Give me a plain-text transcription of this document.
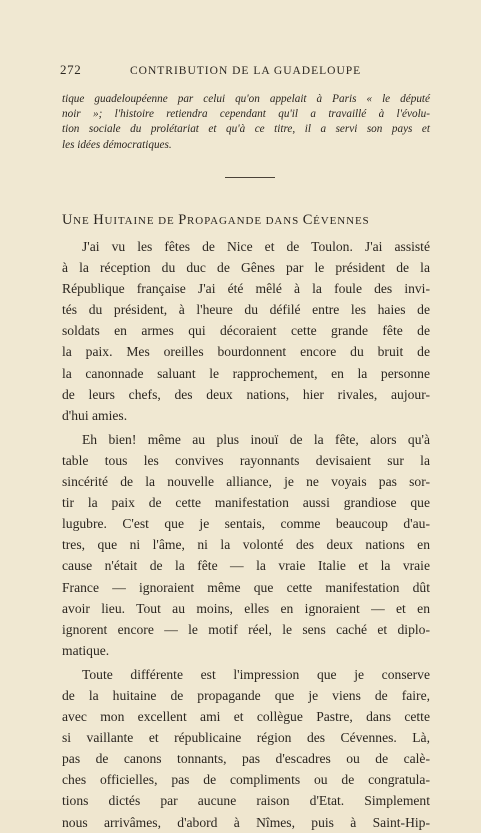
272	CONTRIBUTION DE LA GUADELOUPE
tique guadeloupéenne par celui qu'on appelait à Paris « le député
noir »; l'histoire retiendra cependant qu'il a travaillé à l'évolu-
tion sociale du prolétariat et qu'à ce titre, il a servi son pays et
les idées démocratiques.
UNE HUITAINE DE PROPAGANDE DANS CÉVENNES
J'ai vu les fêtes de Nice et de Toulon. J'ai assisté
à la réception du duc de Gênes par le président de la
République française J'ai été mêlé à la foule des invi-
tés du président, à l'heure du défilé entre les haies de
soldats en armes qui décoraient cette grande fête de
la paix. Mes oreilles bourdonnent encore du bruit de
la canonnade saluant le rapprochement, en la personne
de leurs chefs, des deux nations, hier rivales, aujour-
d'hui amies.
Eh bien! même au plus inouï de la fête, alors qu'à
table tous les convives rayonnants devisaient sur la
sincérité de la nouvelle alliance, je ne voyais pas sor-
tir la paix de cette manifestation aussi grandiose que
lugubre. C'est que je sentais, comme beaucoup d'au-
tres, que ni l'âme, ni la volonté des deux nations en
cause n'était de la fête — la vraie Italie et la vraie
France — ignoraient même que cette manifestation dût
avoir lieu. Tout au moins, elles en ignoraient — et en
ignorent encore — le motif réel, le sens caché et diplo-
matique.
Toute différente est l'impression que je conserve
de la huitaine de propagande que je viens de faire,
avec mon excellent ami et collègue Pastre, dans cette
si vaillante et républicaine région des Cévennes. Là,
pas de canons tonnants, pas d'escadres ou de calè-
ches officielles, pas de compliments ou de congratula-
tions dictés par aucune raison d'Etat. Simplement
nous arrivâmes, d'abord à Nîmes, puis à Saint-Hip-
